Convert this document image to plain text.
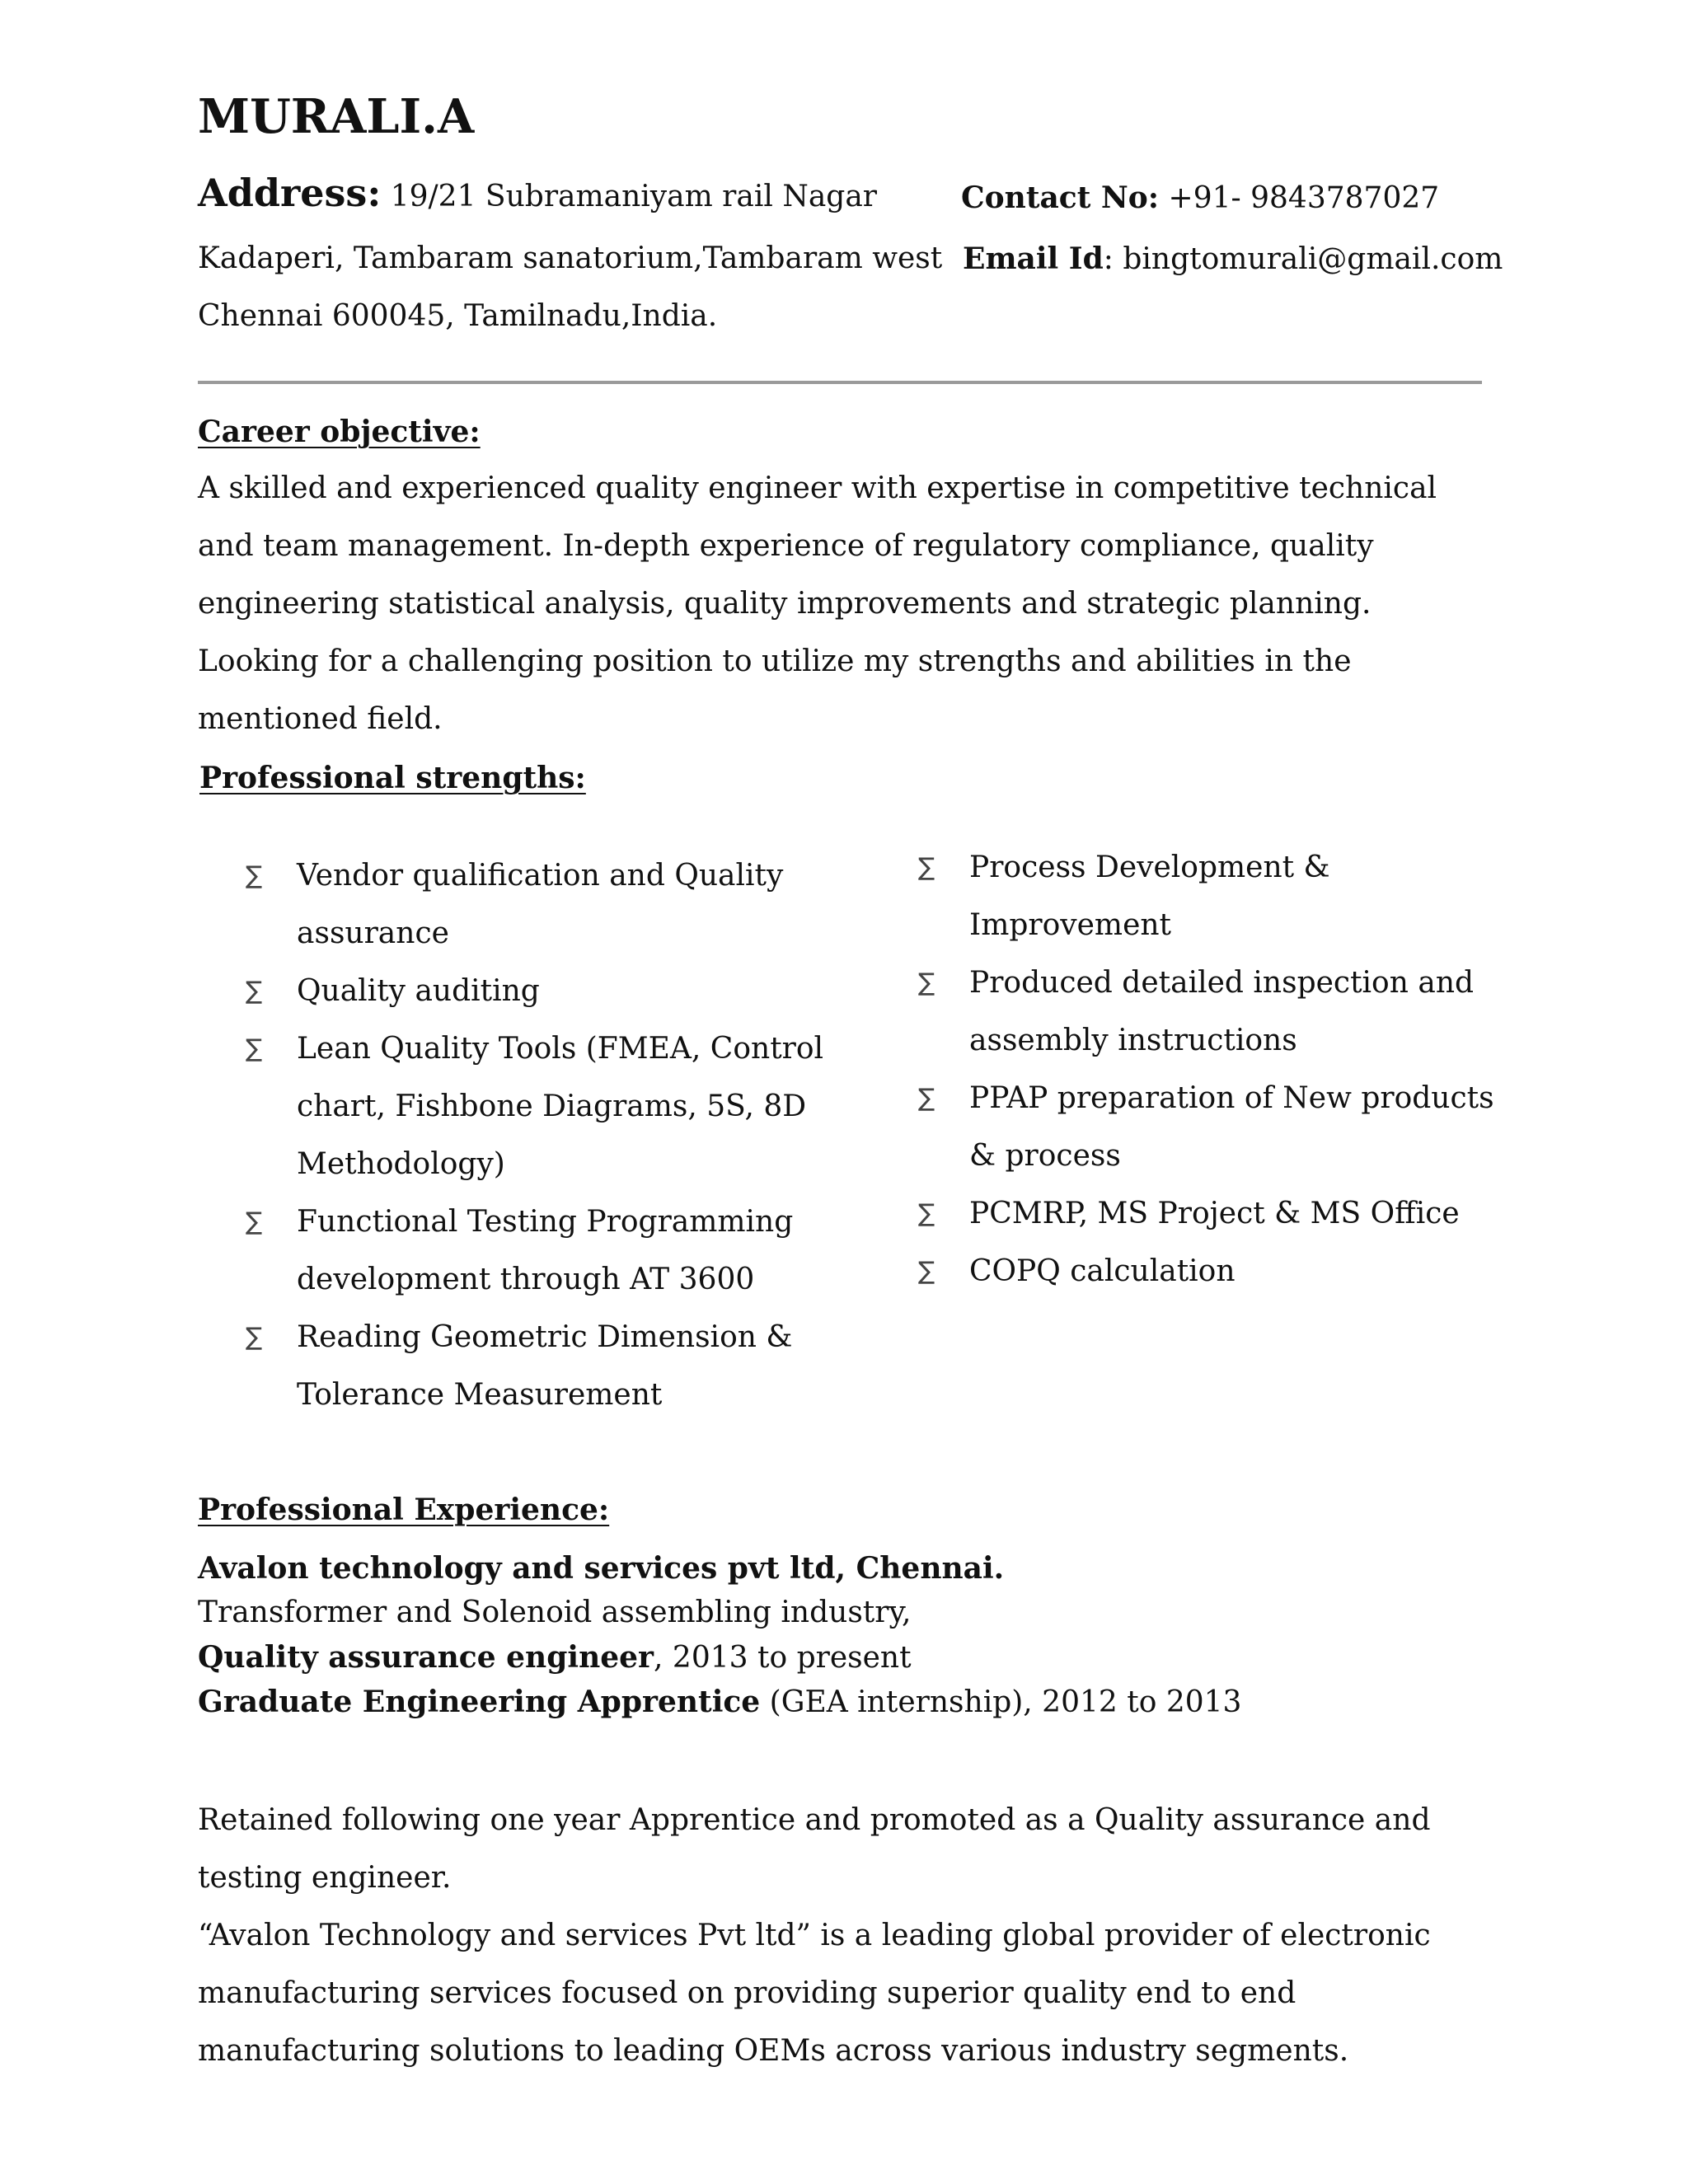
MURALI.A
Address: 19/21 Subramaniyam rail Nagar
Kadaperi, Tambaram sanatorium,Tambaram west
Chennai 600045, Tamilnadu,India.
Contact No: +91- 9843787027
Email Id: bingtomurali@gmail.com
Career objective:
A skilled and experienced quality engineer with expertise in competitive technical and team management. In-depth experience of regulatory compliance, quality engineering statistical analysis, quality improvements and strategic planning. Looking for a challenging position to utilize my strengths and abilities in the mentioned field.
Professional strengths:
∑ Vendor qualification and Quality assurance
∑ Quality auditing
∑ Lean Quality Tools (FMEA, Control chart, Fishbone Diagrams, 5S, 8D Methodology)
∑ Functional Testing Programming development through AT 3600
∑ Reading Geometric Dimension & Tolerance Measurement
∑ Process Development & Improvement
∑ Produced detailed inspection and assembly instructions
∑ PPAP preparation of New products & process
∑ PCMRP, MS Project & MS Office
∑ COPQ calculation
Professional Experience:
Avalon technology and services pvt ltd, Chennai.
Transformer and Solenoid assembling industry,
Quality assurance engineer, 2013 to present
Graduate Engineering Apprentice (GEA internship), 2012 to 2013
Retained following one year Apprentice and promoted as a Quality assurance and testing engineer.
“Avalon Technology and services Pvt ltd” is a leading global provider of electronic manufacturing services focused on providing superior quality end to end manufacturing solutions to leading OEMs across various industry segments.
